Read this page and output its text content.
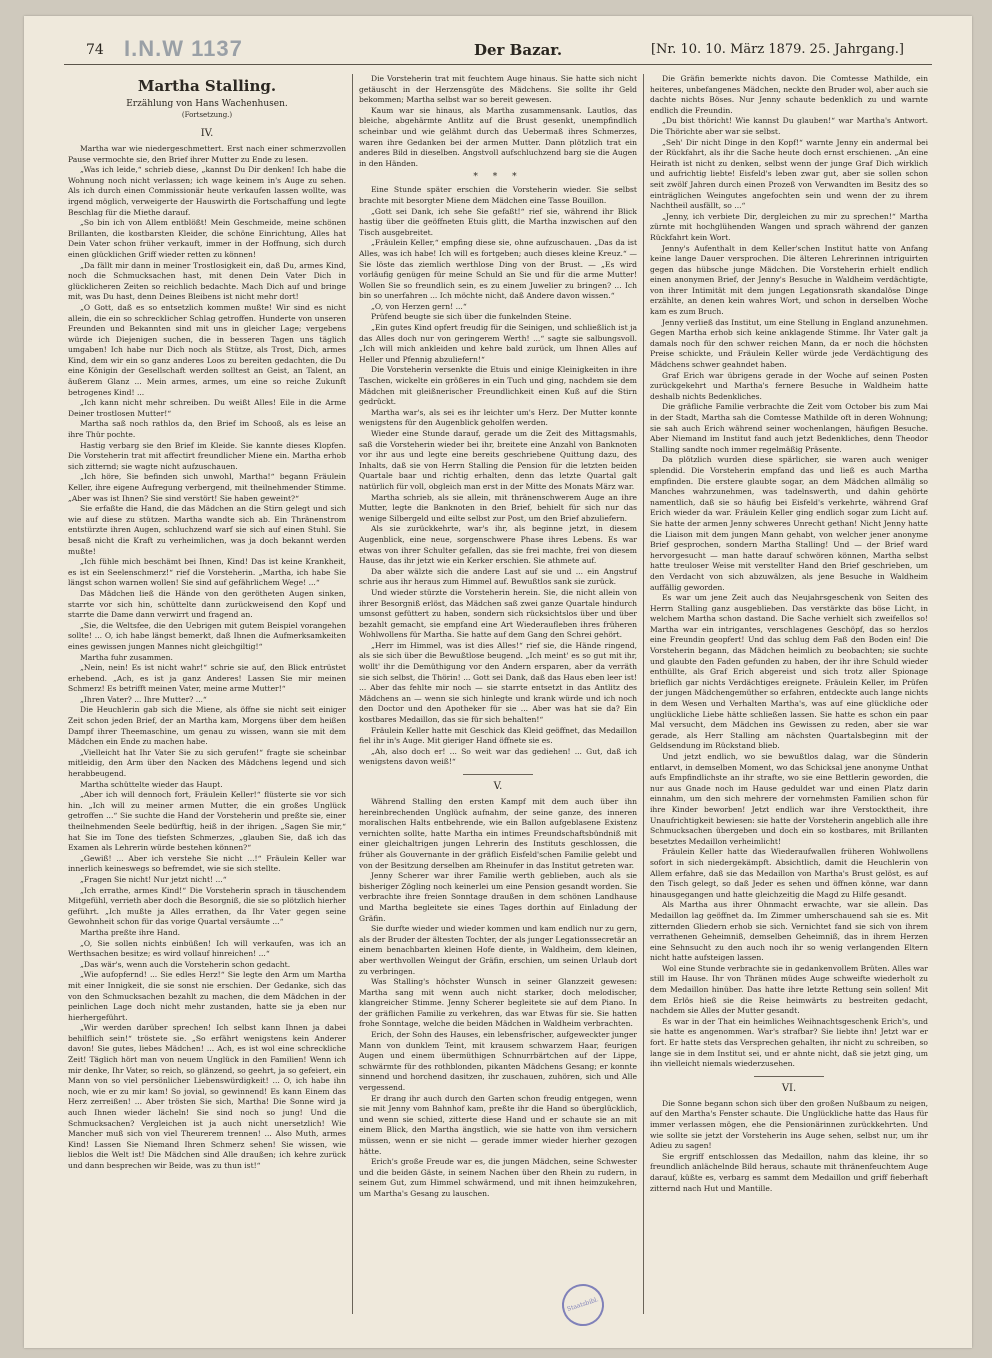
74 I.N.W 1137	Der Bazar.	[Nr. 10. 10. März 1879. 25. Jahrgang.]
Martha Stalling.
Erzählung von Hans Wachenhusen.
(Fortsetzung.)
IV.

Martha war wie niedergeschmettert. Erst nach einer schmerzvollen Pause vermochte sie, den Brief ihrer Mutter zu Ende zu lesen.

„Was ich leide,“ schrieb diese, „kannst Du Dir denken! Ich habe die Wohnung noch nicht verlassen; ich wage keinem in's Auge zu sehen. Als ich durch einen Commissionär heute verkaufen lassen wollte, was irgend möglich, verweigerte der Hauswirth die Fortschaffung und legte Beschlag für die Miethe darauf.

„So bin ich von Allem entblößt! Mein Geschmeide, meine schönen Brillanten, die kostbarsten Kleider, die schöne Einrichtung, Alles hat Dein Vater schon früher verkauft, immer in der Hoffnung, sich durch einen glücklichen Griff wieder retten zu können!

„Da fällt mir dann in meiner Trostlosigkeit ein, daß Du, armes Kind, noch die Schmucksachen hast, mit denen Dein Vater Dich in glücklicheren Zeiten so reichlich bedachte. Mach Dich auf und bringe mit, was Du hast, denn Deines Bleibens ist nicht mehr dort!

„O Gott, daß es so entsetzlich kommen mußte! Wir sind es nicht allein, die ein so schrecklicher Schlag getroffen. Hunderte von unseren Freunden und Bekannten sind mit uns in gleicher Lage; vergebens würde ich Diejenigen suchen, die in besseren Tagen uns täglich umgaben! Ich habe nur Dich noch als Stütze, als Trost, Dich, armes Kind, dem wir ein so ganz anderes Loos zu bereiten gedachten, die Du eine Königin der Gesellschaft werden solltest an Geist, an Talent, an äußerem Glanz ... Mein armes, armes, um eine so reiche Zukunft betrogenes Kind! ...

„Ich kann nicht mehr schreiben. Du weißt Alles! Eile in die Arme Deiner trostlosen Mutter!“

Martha saß noch rathlos da, den Brief im Schooß, als es leise an ihre Thür pochte.

Hastig verbarg sie den Brief im Kleide. Sie kannte dieses Klopfen. Die Vorsteherin trat mit affectirt freundlicher Miene ein. Martha erhob sich zitternd; sie wagte nicht aufzuschauen.

„Ich höre, Sie befinden sich unwohl, Martha!“ begann Fräulein Keller, ihre eigene Aufregung verbergend, mit theilnehmender Stimme. „Aber was ist Ihnen? Sie sind verstört! Sie haben geweint?“

Sie erfaßte die Hand, die das Mädchen an die Stirn gelegt und sich wie auf diese zu stützen. Martha wandte sich ab. Ein Thränenstrom entstürzte ihren Augen, schluchzend warf sie sich auf einen Stuhl. Sie besaß nicht die Kraft zu verheimlichen, was ja doch bekannt werden mußte!

„Ich fühle mich beschämt bei Ihnen, Kind! Das ist keine Krankheit, es ist ein Seelenschmerz!“ rief die Vorsteherin. „Martha, ich habe Sie längst schon warnen wollen! Sie sind auf gefährlichem Wege! ...“

Das Mädchen ließ die Hände von den gerötheten Augen sinken, starrte vor sich hin, schüttelte dann zurückweisend den Kopf und starrte die Dame dann verwirrt und fragend an.

„Sie, die Weltsfee, die den Uebrigen mit gutem Beispiel vorangehen sollte! ... O, ich habe längst bemerkt, daß Ihnen die Aufmerksamkeiten eines gewissen jungen Mannes nicht gleichgiltig!“

Martha fuhr zusammen.

„Nein, nein! Es ist nicht wahr!“ schrie sie auf, den Blick entrüstet erhebend. „Ach, es ist ja ganz Anderes! Lassen Sie mir meinen Schmerz! Es betrifft meinen Vater, meine arme Mutter!“

„Ihren Vater? ... Ihre Mutter? ...“

Die Heuchlerin gab sich die Miene, als öffne sie nicht seit einiger Zeit schon jeden Brief, der an Martha kam, Morgens über dem heißen Dampf ihrer Theemaschine, um genau zu wissen, wann sie mit dem Mädchen ein Ende zu machen habe.

„Vielleicht hat Ihr Vater Sie zu sich gerufen!“ fragte sie scheinbar mitleidig, den Arm über den Nacken des Mädchens legend und sich herabbeugend.

Martha schüttelte wieder das Haupt.

„Aber ich will dennoch fort, Fräulein Keller!“ flüsterte sie vor sich hin. „Ich will zu meiner armen Mutter, die ein großes Unglück getroffen ...“ Sie suchte die Hand der Vorsteherin und preßte sie, einer theilnehmenden Seele bedürftig, heiß in der ihrigen. „Sagen Sie mir,“ hat Sie im Tone des tiefsten Schmerzes, „glauben Sie, daß ich das Examen als Lehrerin würde bestehen können?“

„Gewiß! ... Aber ich verstehe Sie nicht ...!“ Fräulein Keller war innerlich keineswegs so befremdet, wie sie sich stellte.

„Fragen Sie nicht! Nur jetzt nicht! ...“

„Ich errathe, armes Kind!“ Die Vorsteherin sprach in täuschendem Mitgefühl, verrieth aber doch die Besorgniß, die sie so plötzlich hierher geführt. „Ich mußte ja Alles errathen, da Ihr Vater gegen seine Gewohnheit schon für das vorige Quartal versäumte ...“

Martha preßte ihre Hand.

„O, Sie sollen nichts einbüßen! Ich will verkaufen, was ich an Werthsachen besitze; es wird vollauf hinreichen! ...“

„Das wär's, wenn auch die Vorsteherin schon gedacht.

„Wie aufopfernd! ... Sie edles Herz!“ Sie legte den Arm um Martha mit einer Innigkeit, die sie sonst nie erschien. Der Gedanke, sich das von den Schmucksachen bezahlt zu machen, die dem Mädchen in der peinlichen Lage doch nicht mehr zustanden, hatte sie ja eben nur hierhergeführt.

„Wir werden darüber sprechen! Ich selbst kann Ihnen ja dabei behilflich sein!“ tröstete sie. „So erfährt wenigstens kein Anderer davon! Sie gutes, liebes Mädchen! ... Ach, es ist wol eine schreckliche Zeit! Täglich hört man von neuem Unglück in den Familien! Wenn ich mir denke, Ihr Vater, so reich, so glänzend, so geehrt, ja so gefeiert, ein Mann von so viel persönlicher Liebenswürdigkeit! ... O, ich habe ihn noch, wie er zu mir kam! So jovial, so gewinnend! Es kann Einem das Herz zerreißen! ... Aber trösten Sie sich, Martha! Die Sonne wird ja auch Ihnen wieder lächeln! Sie sind noch so jung! Und die Schmucksachen? Vergleichen ist ja auch nicht unersetzlich! Wie Mancher muß sich von viel Theurerem trennen! ... Also Muth, armes Kind! Lassen Sie Niemand Ihren Schmerz sehen! Sie wissen, wie lieblos die Welt ist! Die Mädchen sind Alle draußen; ich kehre zurück und dann besprechen wir Beide, was zu thun ist!“

Die Vorsteherin trat mit feuchtem Auge hinaus. Sie hatte sich nicht getäuscht in der Herzensgüte des Mädchens. Sie sollte ihr Geld bekommen; Martha selbst war so bereit gewesen.

Kaum war sie hinaus, als Martha zusammensank. Lautlos, das bleiche, abgehärmte Antlitz auf die Brust gesenkt, unempfindlich scheinbar und wie gelähmt durch das Uebermaß ihres Schmerzes, waren ihre Gedanken bei der armen Mutter. Dann plötzlich trat ein anderes Bild in dieselben. Angstvoll aufschluchzend barg sie die Augen in den Händen.

* * *

Eine Stunde später erschien die Vorsteherin wieder. Sie selbst brachte mit besorgter Miene dem Mädchen eine Tasse Bouillon.

„Gott sei Dank, ich sehe Sie gefaßt!“ rief sie, während ihr Blick hastig über die geöffneten Etuis glitt, die Martha inzwischen auf den Tisch ausgebreitet.

„Fräulein Keller,“ empfing diese sie, ohne aufzuschauen. „Das da ist Alles, was ich habe! Ich will es fortgeben; auch dieses kleine Kreuz.“ — Sie löste das ziemlich werthlose Ding von der Brust. — „Es wird vorläufig genügen für meine Schuld an Sie und für die arme Mutter! Wollen Sie so freundlich sein, es zu einem Juwelier zu bringen? ... Ich bin so unerfahren ... Ich möchte nicht, daß Andere davon wissen.“

„O, von Herzen gern! ...“

Prüfend beugte sie sich über die funkelnden Steine.

„Ein gutes Kind opfert freudig für die Seinigen, und schließlich ist ja das Alles doch nur von geringerem Werth! ...“ sagte sie salbungsvoll. „Ich will mich ankleiden und kehre bald zurück, um Ihnen Alles auf Heller und Pfennig abzuliefern!“

Die Vorsteherin versenkte die Etuis und einige Kleinigkeiten in ihre Taschen, wickelte ein größeres in ein Tuch und ging, nachdem sie dem Mädchen mit gleißnerischer Freundlichkeit einen Kuß auf die Stirn gedrückt.

Martha war's, als sei es ihr leichter um's Herz. Der Mutter konnte wenigstens für den Augenblick geholfen werden.

Wieder eine Stunde darauf, gerade um die Zeit des Mittagsmahls, saß die Vorsteherin wieder bei ihr, breitete eine Anzahl von Banknoten vor ihr aus und legte eine bereits geschriebene Quittung dazu, des Inhalts, daß sie von Herrn Stalling die Pension für die letzten beiden Quartale baar und richtig erhalten, denn das letzte Quartal galt natürlich für voll, obgleich man erst in der Mitte des Monats März war.

Martha schrieb, als sie allein, mit thränenschwerem Auge an ihre Mutter, legte die Banknoten in den Brief, behielt für sich nur das wenige Silbergeld und eilte selbst zur Post, um den Brief abzuliefern.

Als sie zurückkehrte, war's ihr, als beginne jetzt, in diesem Augenblick, eine neue, sorgenschwere Phase ihres Lebens. Es war etwas von ihrer Schulter gefallen, das sie frei machte, frei von diesem Hause, das ihr jetzt wie ein Kerker erschien. Sie athmete auf.

Da aber wälzte sich die andere Last auf sie und ... ein Angstruf schrie aus ihr heraus zum Himmel auf. Bewußtlos sank sie zurück.

Und wieder stürzte die Vorsteherin herein. Sie, die nicht allein von ihrer Besorgniß erlöst, das Mädchen saß zwei ganze Quartale hindurch umsonst gefüttert zu haben, sondern sich rücksichtslos über und über bezahlt gemacht, sie empfand eine Art Wiederaufleben ihres früheren Wohlwollens für Martha. Sie hatte auf dem Gang den Schrei gehört.

„Herr im Himmel, was ist dies Alles!“ rief sie, die Hände ringend, als sie sich über die Bewußtlose beugend. „Ich meint' es so gut mit ihr, wollt' ihr die Demüthigung vor den Andern ersparen, aber da verräth sie sich selbst, die Thörin! ... Gott sei Dank, daß das Haus eben leer ist! ... Aber das fehlte mir noch — sie starrte entsetzt in das Antlitz des Mädchens an — wenn sie sich hinlegte und krank würde und ich noch den Doctor und den Apotheker für sie ... Aber was hat sie da? Ein kostbares Medaillon, das sie für sich behalten!“

Fräulein Keller hatte mit Geschick das Kleid geöffnet, das Medaillon fiel ihr in's Auge. Mit gieriger Hand öffnete sie es.

„Ah, also doch er! ... So weit war das gediehen! ... Gut, daß ich wenigstens davon weiß!“

V.

Während Stalling den ersten Kampf mit dem auch über ihn hereinbrechenden Unglück aufnahm, der seine ganze, des inneren moralischen Halts entbehrende, wie ein Ballon aufgeblasene Existenz vernichten sollte, hatte Martha ein intimes Freundschaftsbündniß mit einer gleichaltrigen jungen Lehrerin des Instituts geschlossen, die früher als Gouvernante in der gräflich Eisfeld'schen Familie gelebt und von der Besitzung derselben am Rheinufer in das Institut getreten war.

Jenny Scherer war ihrer Familie werth geblieben, auch als sie bisheriger Zögling noch keinerlei um eine Pension gesandt worden. Sie verbrachte ihre freien Sonntage draußen in dem schönen Landhause und Martha begleitete sie eines Tages dorthin auf Einladung der Gräfin.

Sie durfte wieder und wieder kommen und kam endlich nur zu gern, als der Bruder der ältesten Tochter, der als junger Legationssecretär an einem benachbarten kleinen Hofe diente, in Waldheim, dem kleinen, aber werthvollen Weingut der Gräfin, erschien, um seinen Urlaub dort zu verbringen.

Was Stalling's höchster Wunsch in seiner Glanzzeit gewesen: Martha sang mit wenn auch nicht starker, doch melodischer, klangreicher Stimme. Jenny Scherer begleitete sie auf dem Piano. In der gräflichen Familie zu verkehren, das war Etwas für sie. Sie hatten frohe Sonntage, welche die beiden Mädchen in Waldheim verbrachten.

Erich, der Sohn des Hauses, ein lebensfrischer, aufgeweckter junger Mann von dunklem Teint, mit krausem schwarzem Haar, feurigen Augen und einem übermüthigen Schnurrbärtchen auf der Lippe, schwärmte für des rothblonden, pikanten Mädchens Gesang; er konnte sinnend und horchend dasitzen, ihr zuschauen, zuhören, sich und Alle vergessend.

Er drang ihr auch durch den Garten schon freudig entgegen, wenn sie mit Jenny vom Bahnhof kam, preßte ihr die Hand so überglücklich, und wenn sie schied, zitterte diese Hand und er schaute sie an mit einem Blick, den Martha ängstlich, wie sie hatte von ihm versichern müssen, wenn er sie nicht — gerade immer wieder hierher gezogen hätte.

Erich's große Freude war es, die jungen Mädchen, seine Schwester und die beiden Gäste, in seinem Nachen über den Rhein zu rudern, in seinem Gut, zum Himmel schwärmend, und mit ihnen heimzukehren, um Martha's Gesang zu lauschen.

Die Gräfin bemerkte nichts davon. Die Comtesse Mathilde, ein heiteres, unbefangenes Mädchen, neckte den Bruder wol, aber auch sie dachte nichts Böses. Nur Jenny schaute bedenklich zu und warnte endlich die Freundin.

„Du bist thöricht! Wie kannst Du glauben!“ war Martha's Antwort. Die Thörichte aber war sie selbst.

„Seh' Dir nicht Dinge in den Kopf!“ warnte Jenny ein andermal bei der Rückfahrt, als ihr die Sache heute doch ernst erschienen. „An eine Heirath ist nicht zu denken, selbst wenn der junge Graf Dich wirklich und aufrichtig liebte! Eisfeld's leben zwar gut, aber sie sollen schon seit zwölf Jahren durch einen Prozeß von Verwandten im Besitz des so einträglichen Weingutes angefochten sein und wenn der zu ihrem Nachtheil ausfällt, so ...“

„Jenny, ich verbiete Dir, dergleichen zu mir zu sprechen!“ Martha zürnte mit hochglühenden Wangen und sprach während der ganzen Rückfahrt kein Wort.

Jenny's Aufenthalt in dem Keller'schen Institut hatte von Anfang keine lange Dauer versprochen. Die älteren Lehrerinnen intriguirten gegen das hübsche junge Mädchen. Die Vorsteherin erhielt endlich einen anonymen Brief, der Jenny's Besuche in Waldheim verdächtigte, von ihrer Intimität mit dem jungen Legationsrath skandalöse Dinge erzählte, an denen kein wahres Wort, und schon in derselben Woche kam es zum Bruch.

Jenny verließ das Institut, um eine Stellung in England anzunehmen. Gegen Martha erhob sich keine anklagende Stimme. Ihr Vater galt ja damals noch für den schwer reichen Mann, da er noch die höchsten Preise schickte, und Fräulein Keller würde jede Verdächtigung des Mädchens schwer geahndet haben.

Graf Erich war übrigens gerade in der Woche auf seinen Posten zurückgekehrt und Martha's fernere Besuche in Waldheim hatte deshalb nichts Bedenkliches.

Die gräfliche Familie verbrachte die Zeit vom October bis zum Mai in der Stadt, Martha sah die Comtesse Mathilde oft in deren Wohnung; sie sah auch Erich während seiner wochenlangen, häufigen Besuche. Aber Niemand im Institut fand auch jetzt Bedenkliches, denn Theodor Stalling sandte noch immer regelmäßig Präsente.

Da plötzlich wurden diese spärlicher, sie waren auch weniger splendid. Die Vorsteherin empfand das und ließ es auch Martha empfinden. Die erstere glaubte sogar, an dem Mädchen allmälig so Manches wahrzunehmen, was tadelnswerth, und dahin gehörte namentlich, daß sie so häufig bei Eisfeld's verkehrte, während Graf Erich wieder da war. Fräulein Keller ging endlich sogar zum Licht auf. Sie hatte der armen Jenny schweres Unrecht gethan! Nicht Jenny hatte die Liaison mit dem jungen Mann gehabt, von welcher jener anonyme Brief gesprochen, sondern Martha Stalling! Und — der Brief ward hervorgesucht — man hatte darauf schwören können, Martha selbst hatte treuloser Weise mit verstellter Hand den Brief geschrieben, um den Verdacht von sich abzuwälzen, als jene Besuche in Waldheim auffällig geworden.

Es war um jene Zeit auch das Neujahrsgeschenk von Seiten des Herrn Stalling ganz ausgeblieben. Das verstärkte das böse Licht, in welchem Martha schon dastand. Die Sache verhielt sich zweifellos so! Martha war ein intrigantes, verschlagenes Geschöpf, das so herzlos eine Freundin geopfert! Und das schlug dem Faß den Boden ein! Die Vorsteherin begann, das Mädchen heimlich zu beobachten; sie suchte und glaubte den Faden gefunden zu haben, der ihr ihre Schuld wieder enthüllte, als Graf Erich abgereist und sich trotz aller Spionage brieflich gar nichts Verdächtiges ereignete. Fräulein Keller, im Prüfen der jungen Mädchengemüther so erfahren, entdeckte auch lange nichts in dem Wesen und Verhalten Martha's, was auf eine glückliche oder unglückliche Liebe hätte schließen lassen. Sie hatte es schon ein paar Mal versucht, dem Mädchen ins Gewissen zu reden, aber sie war gerade, als Herr Stalling am nächsten Quartalsbeginn mit der Geldsendung im Rückstand blieb.

Und jetzt endlich, wo sie bewußtlos dalag, war die Sünderin entlarvt, in demselben Moment, wo das Schicksal jene anonyme Unthat aufs Empfindlichste an ihr strafte, wo sie eine Bettlerin geworden, die nur aus Gnade noch im Hause geduldet war und einen Platz darin einnahm, um den sich mehrere der vornehmsten Familien schon für ihre Kinder beworben! Jetzt endlich war ihre Verstocktheit, ihre Unaufrichtigkeit bewiesen: sie hatte der Vorsteherin angeblich alle ihre Schmucksachen übergeben und doch ein so kostbares, mit Brillanten besetztes Medaillon verheimlicht!

Fräulein Keller hatte das Wiederaufwallen früheren Wohlwollens sofort in sich niedergekämpft. Absichtlich, damit die Heuchlerin von Allem erfahre, daß sie das Medaillon von Martha's Brust gelöst, es auf den Tisch gelegt, so daß Jeder es sehen und öffnen könne, war dann hinausgegangen und hatte gleichzeitig die Magd zu Hilfe gesandt.

Als Martha aus ihrer Ohnmacht erwachte, war sie allein. Das Medaillon lag geöffnet da. Im Zimmer umherschauend sah sie es. Mit zitternden Gliedern erhob sie sich. Vernichtet fand sie sich von ihrem verrathenen Geheimniß, demselben Geheimniß, das in ihrem Herzen eine Sehnsucht zu den auch noch ihr so wenig verlangenden Eltern nicht hatte aufsteigen lassen.

Wol eine Stunde verbrachte sie in gedankenvollem Brüten. Alles war still im Hause. Ihr von Thränen müdes Auge schweifte wiederholt zu dem Medaillon hinüber. Das hatte ihre letzte Rettung sein sollen! Mit dem Erlös hieß sie die Reise heimwärts zu bestreiten gedacht, nachdem sie Alles der Mutter gesandt.

Es war in der That ein heimliches Weihnachtsgeschenk Erich's, und sie hatte es angenommen. War's strafbar? Sie liebte ihn! Jetzt war er fort. Er hatte stets das Versprechen gehalten, ihr nicht zu schreiben, so lange sie in dem Institut sei, und er ahnte nicht, daß sie jetzt ging, um ihn vielleicht niemals wiederzusehen.

VI.

Die Sonne begann schon sich über den großen Nußbaum zu neigen, auf den Martha's Fenster schaute. Die Unglückliche hatte das Haus für immer verlassen mögen, ehe die Pensionärinnen zurückkehrten. Und wie sollte sie jetzt der Vorsteherin ins Auge sehen, selbst nur, um ihr Adieu zu sagen!

Sie ergriff entschlossen das Medaillon, nahm das kleine, ihr so freundlich anlächelnde Bild heraus, schaute mit thränenfeuchtem Auge darauf, küßte es, verbarg es sammt dem Medaillon und griff fieberhaft zitternd nach Hut und Mantille.

Staatsbibl.
